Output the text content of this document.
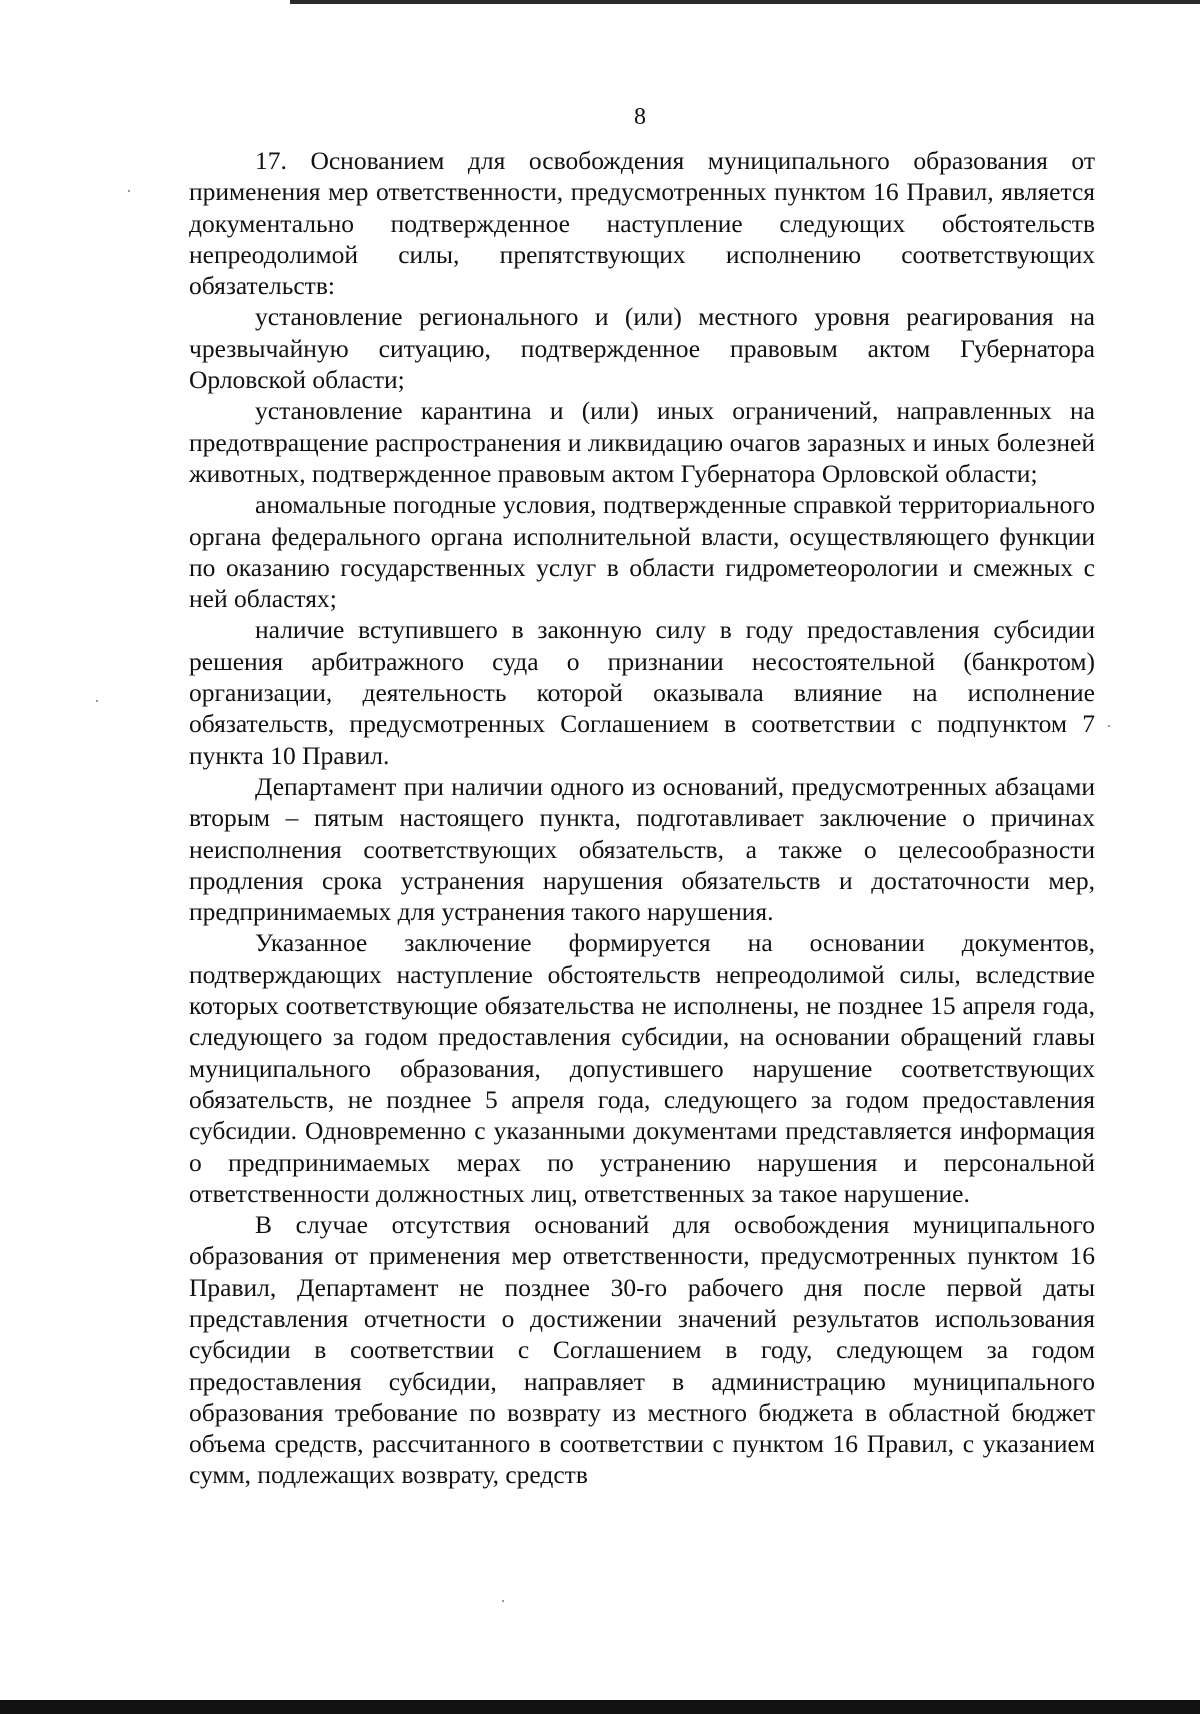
8

17. Основанием для освобождения муниципального образования от применения мер ответственности, предусмотренных пунктом 16 Правил, является документально подтвержденное наступление следующих обстоятельств непреодолимой силы, препятствующих исполнению соответствующих обязательств:

установление регионального и (или) местного уровня реагирования на чрезвычайную ситуацию, подтвержденное правовым актом Губернатора Орловской области;

установление карантина и (или) иных ограничений, направленных на предотвращение распространения и ликвидацию очагов заразных и иных болезней животных, подтвержденное правовым актом Губернатора Орловской области;

аномальные погодные условия, подтвержденные справкой территориального органа федерального органа исполнительной власти, осуществляющего функции по оказанию государственных услуг в области гидрометеорологии и смежных с ней областях;

наличие вступившего в законную силу в году предоставления субсидии решения арбитражного суда о признании несостоятельной (банкротом) организации, деятельность которой оказывала влияние на исполнение обязательств, предусмотренных Соглашением в соответствии с подпунктом 7 пункта 10 Правил.

Департамент при наличии одного из оснований, предусмотренных абзацами вторым – пятым настоящего пункта, подготавливает заключение о причинах неисполнения соответствующих обязательств, а также о целесообразности продления срока устранения нарушения обязательств и достаточности мер, предпринимаемых для устранения такого нарушения.

Указанное заключение формируется на основании документов, подтверждающих наступление обстоятельств непреодолимой силы, вследствие которых соответствующие обязательства не исполнены, не позднее 15 апреля года, следующего за годом предоставления субсидии, на основании обращений главы муниципального образования, допустившего нарушение соответствующих обязательств, не позднее 5 апреля года, следующего за годом предоставления субсидии. Одновременно с указанными документами представляется информация о предпринимаемых мерах по устранению нарушения и персональной ответственности должностных лиц, ответственных за такое нарушение.

В случае отсутствия оснований для освобождения муниципального образования от применения мер ответственности, предусмотренных пунктом 16 Правил, Департамент не позднее 30-го рабочего дня после первой даты представления отчетности о достижении значений результатов использования субсидии в соответствии с Соглашением в году, следующем за годом предоставления субсидии, направляет в администрацию муниципального образования требование по возврату из местного бюджета в областной бюджет объема средств, рассчитанного в соответствии с пунктом 16 Правил, с указанием сумм, подлежащих возврату, средств
